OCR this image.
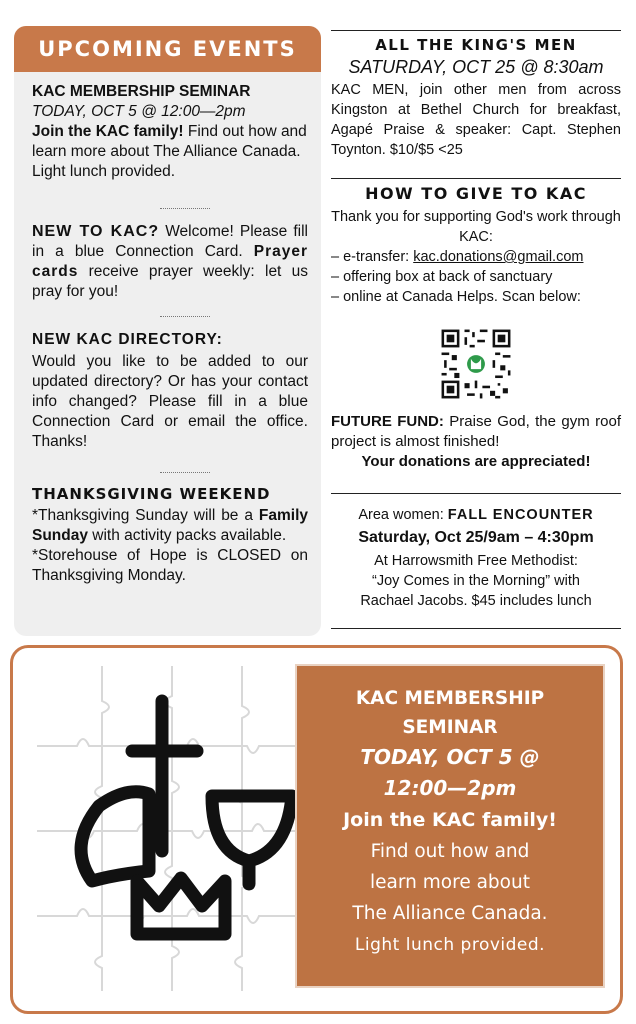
UPCOMING EVENTS

KAC MEMBERSHIP SEMINAR

TODAY, OCT 5 @ 12:00—2pm

Join the KAC family! Find out how and learn more about The Alliance Canada. Light lunch provided.

NEW TO KAC? Welcome! Please fill in a blue Connection Card. Prayer cards receive prayer weekly: let us pray for you!

NEW KAC DIRECTORY:

Would you like to be added to our updated directory? Or has your contact info changed? Please fill in a blue Connection Card or email the office. Thanks!

THANKSGIVING WEEKEND

*Thanksgiving Sunday will be a Family Sunday with activity packs available.

*Storehouse of Hope is CLOSED on Thanksgiving Monday.

ALL THE KING'S MEN

SATURDAY, OCT 25 @ 8:30am

KAC MEN, join other men from across Kingston at Bethel Church for breakfast, Agapé Praise & speaker: Capt. Stephen Toynton. $10/$5 <25

HOW TO GIVE TO KAC

Thank you for supporting God's work through KAC:

– e-transfer: kac.donations@gmail.com

– offering box at back of sanctuary

– online at Canada Helps. Scan below:

FUTURE FUND: Praise God, the gym roof project is almost finished!

Your donations are appreciated!

Area women: FALL ENCOUNTER

Saturday, Oct 25/9am – 4:30pm

At Harrowsmith Free Methodist:

“Joy Comes in the Morning” with

Rachael Jacobs. $45 includes lunch

KAC MEMBERSHIP
SEMINAR
TODAY, OCT 5 @
12:00—2pm
Join the KAC family!
Find out how and
learn more about
The Alliance Canada.
Light lunch provided.
